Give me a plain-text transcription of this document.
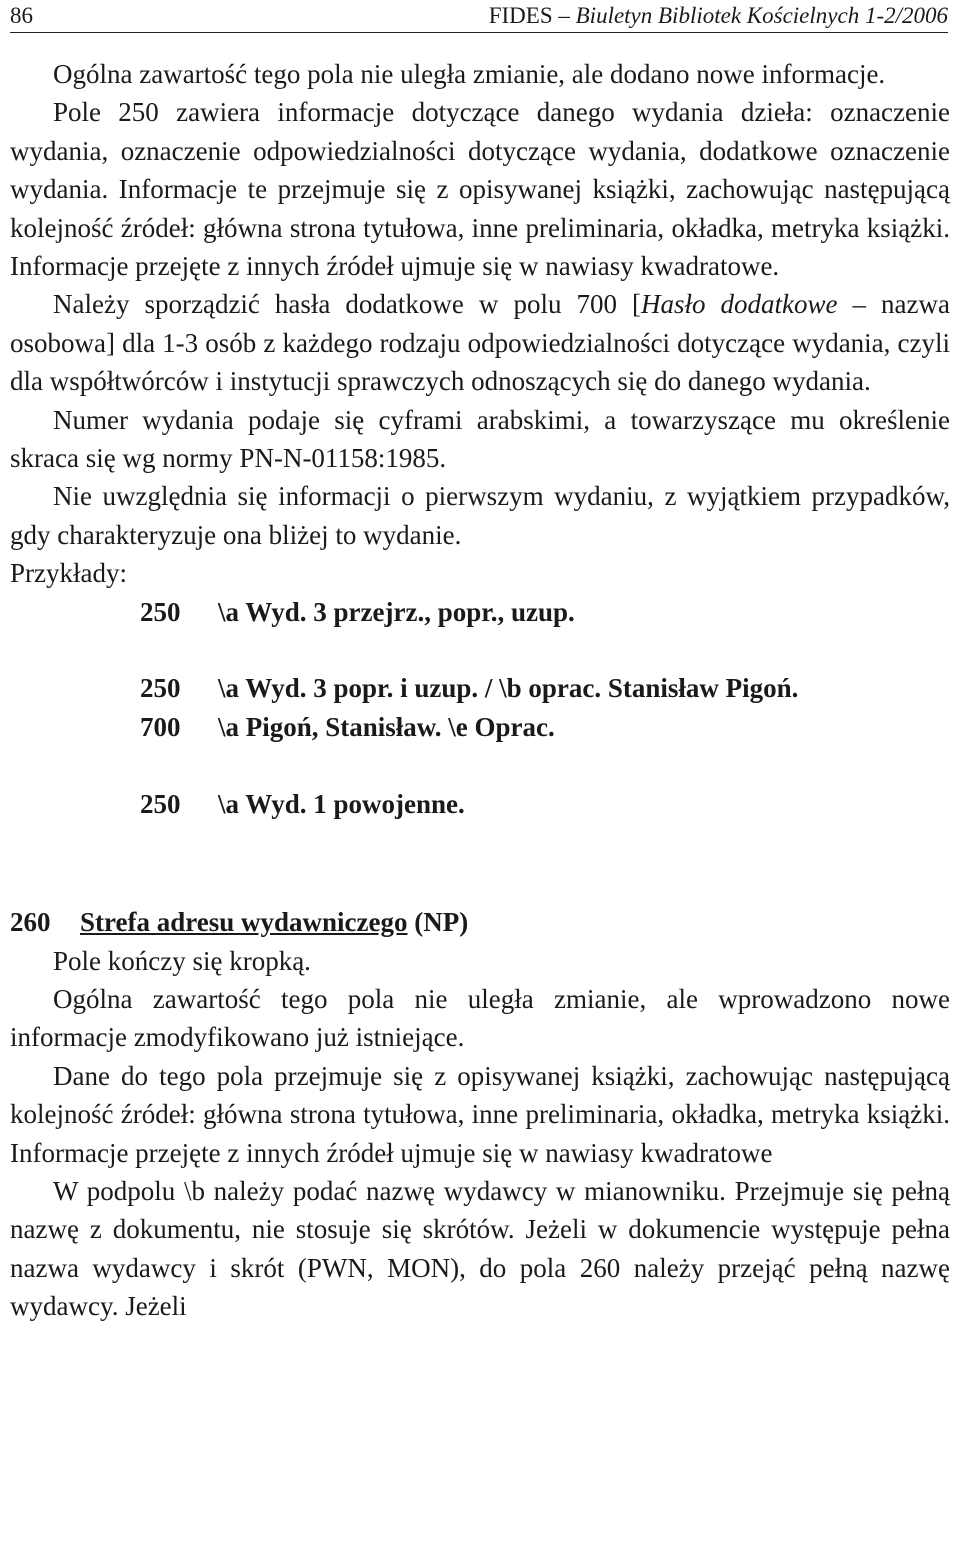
86	FIDES – Biuletyn Bibliotek Kościelnych 1-2/2006

Ogólna zawartość tego pola nie uległa zmianie, ale dodano nowe informacje.

Pole 250 zawiera informacje dotyczące danego wydania dzieła: oznaczenie wydania, oznaczenie odpowiedzialności dotyczące wydania, dodatkowe oznaczenie wydania. Informacje te przejmuje się z opisywanej książki, zachowując następującą kolejność źródeł: główna strona tytułowa, inne preliminaria, okładka, metryka książki. Informacje przejęte z innych źródeł ujmuje się w nawiasy kwadratowe.

Należy sporządzić hasła dodatkowe w polu 700 [Hasło dodatkowe – nazwa osobowa] dla 1-3 osób z każdego rodzaju odpowiedzialności dotyczące wydania, czyli dla współtwórców i instytucji sprawczych odnoszących się do danego wydania.

Numer wydania podaje się cyframi arabskimi, a towarzyszące mu określenie skraca się wg normy PN-N-01158:1985.

Nie uwzględnia się informacji o pierwszym wydaniu, z wyjątkiem przypadków, gdy charakteryzuje ona bliżej to wydanie.

Przykłady:

250 \a Wyd. 3 przejrz., popr., uzup.
250 \a Wyd. 3 popr. i uzup. / \b oprac. Stanisław Pigoń.
700 \a Pigoń, Stanisław. \e Oprac.
250 \a Wyd. 1 powojenne.
260 Strefa adresu wydawniczego (NP)

Pole kończy się kropką.

Ogólna zawartość tego pola nie uległa zmianie, ale wprowadzono nowe informacje zmodyfikowano już istniejące.

Dane do tego pola przejmuje się z opisywanej książki, zachowując następującą kolejność źródeł: główna strona tytułowa, inne preliminaria, okładka, metryka książki. Informacje przejęte z innych źródeł ujmuje się w nawiasy kwadratowe

W podpolu \b należy podać nazwę wydawcy w mianowniku. Przejmuje się pełną nazwę z dokumentu, nie stosuje się skrótów. Jeżeli w dokumencie występuje pełna nazwa wydawcy i skrót (PWN, MON), do pola 260 należy przejąć pełną nazwę wydawcy. Jeżeli
